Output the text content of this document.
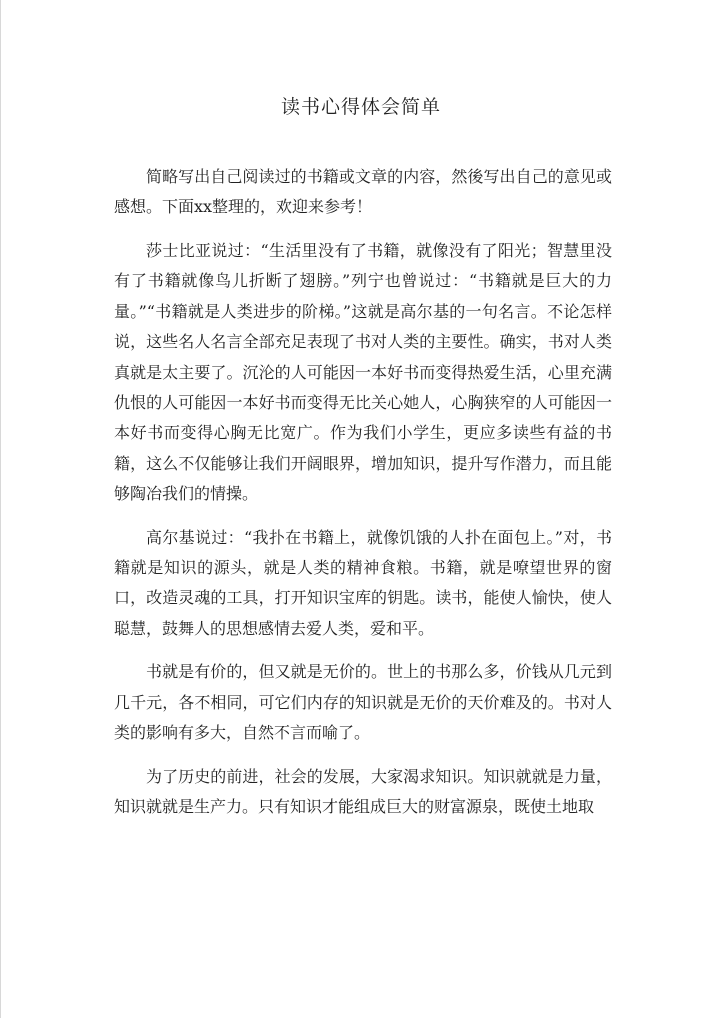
读书心得体会简单

简略写出自己阅读过的书籍或文章的内容，然後写出自己的意见或感想。下面xx整理的，欢迎来参考！

莎士比亚说过：“生活里没有了书籍，就像没有了阳光；智慧里没有了书籍就像鸟儿折断了翅膀。”列宁也曾说过：“书籍就是巨大的力量。”“书籍就是人类进步的阶梯。”这就是高尔基的一句名言。不论怎样说，这些名人名言全部充足表现了书对人类的主要性。确实，书对人类真就是太主要了。沉沦的人可能因一本好书而变得热爱生活，心里充满仇恨的人可能因一本好书而变得无比关心她人，心胸狭窄的人可能因一本好书而变得心胸无比宽广。作为我们小学生，更应多读些有益的书籍，这么不仅能够让我们开阔眼界，增加知识，提升写作潜力，而且能够陶冶我们的情操。

高尔基说过：“我扑在书籍上，就像饥饿的人扑在面包上。”对，书籍就是知识的源头，就是人类的精神食粮。书籍，就是嘹望世界的窗口，改造灵魂的工具，打开知识宝库的钥匙。读书，能使人愉快，使人聪慧，鼓舞人的思想感情去爱人类，爱和平。

书就是有价的，但又就是无价的。世上的书那么多，价钱从几元到几千元，各不相同，可它们内存的知识就是无价的天价难及的。书对人类的影响有多大，自然不言而喻了。

为了历史的前进，社会的发展，大家渴求知识。知识就就是力量，知识就就是生产力。只有知识才能组成巨大的财富源泉，既使土地取
